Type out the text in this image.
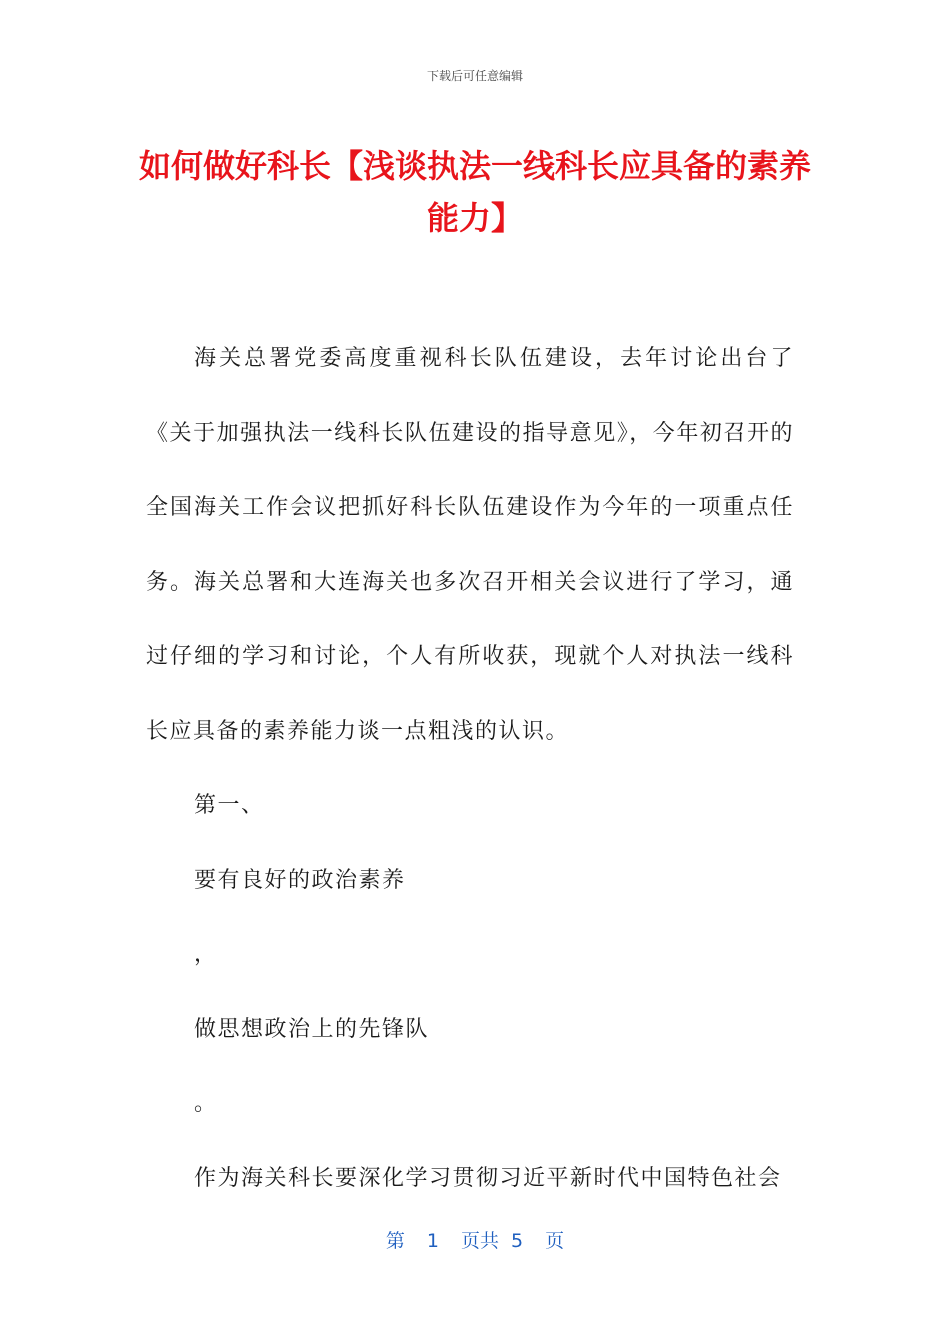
下载后可任意编辑
如何做好科长【浅谈执法一线科长应具备的素养能力】

海关总署党委高度重视科长队伍建设，去年讨论出台了《关于加强执法一线科长队伍建设的指导意见》，今年初召开的全国海关工作会议把抓好科长队伍建设作为今年的一项重点任务。海关总署和大连海关也多次召开相关会议进行了学习，通过仔细的学习和讨论，个人有所收获，现就个人对执法一线科长应具备的素养能力谈一点粗浅的认识。

第一、

要有良好的政治素养

，

做思想政治上的先锋队

。

作为海关科长要深化学习贯彻习近平新时代中国特色社会

第 1 页共 5 页
